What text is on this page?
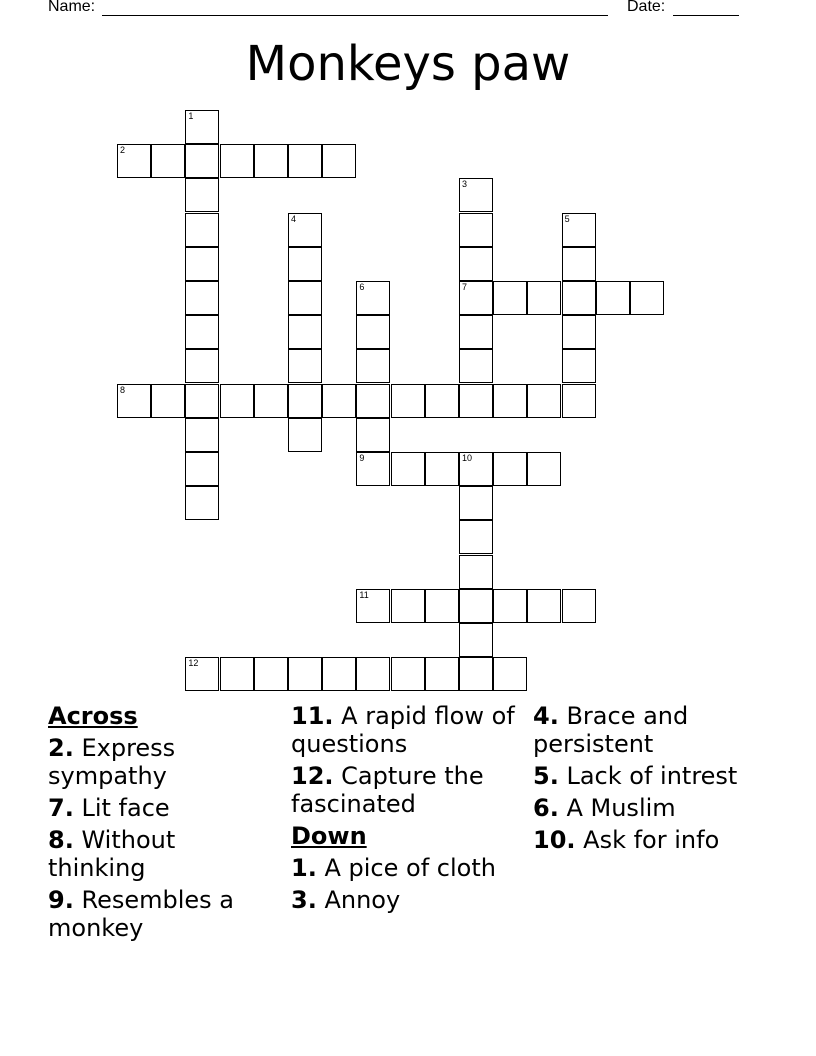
Name:	Date:
Monkeys paw
1
2
3
4	5
6	7
8
9	10
11
12
Across
2. Express sympathy
7. Lit face
8. Without thinking
9. Resembles a monkey
11. A rapid flow of questions
12. Capture the fascinated
Down
1. A pice of cloth
3. Annoy
4. Brace and persistent
5. Lack of intrest
6. A Muslim
10. Ask for info
